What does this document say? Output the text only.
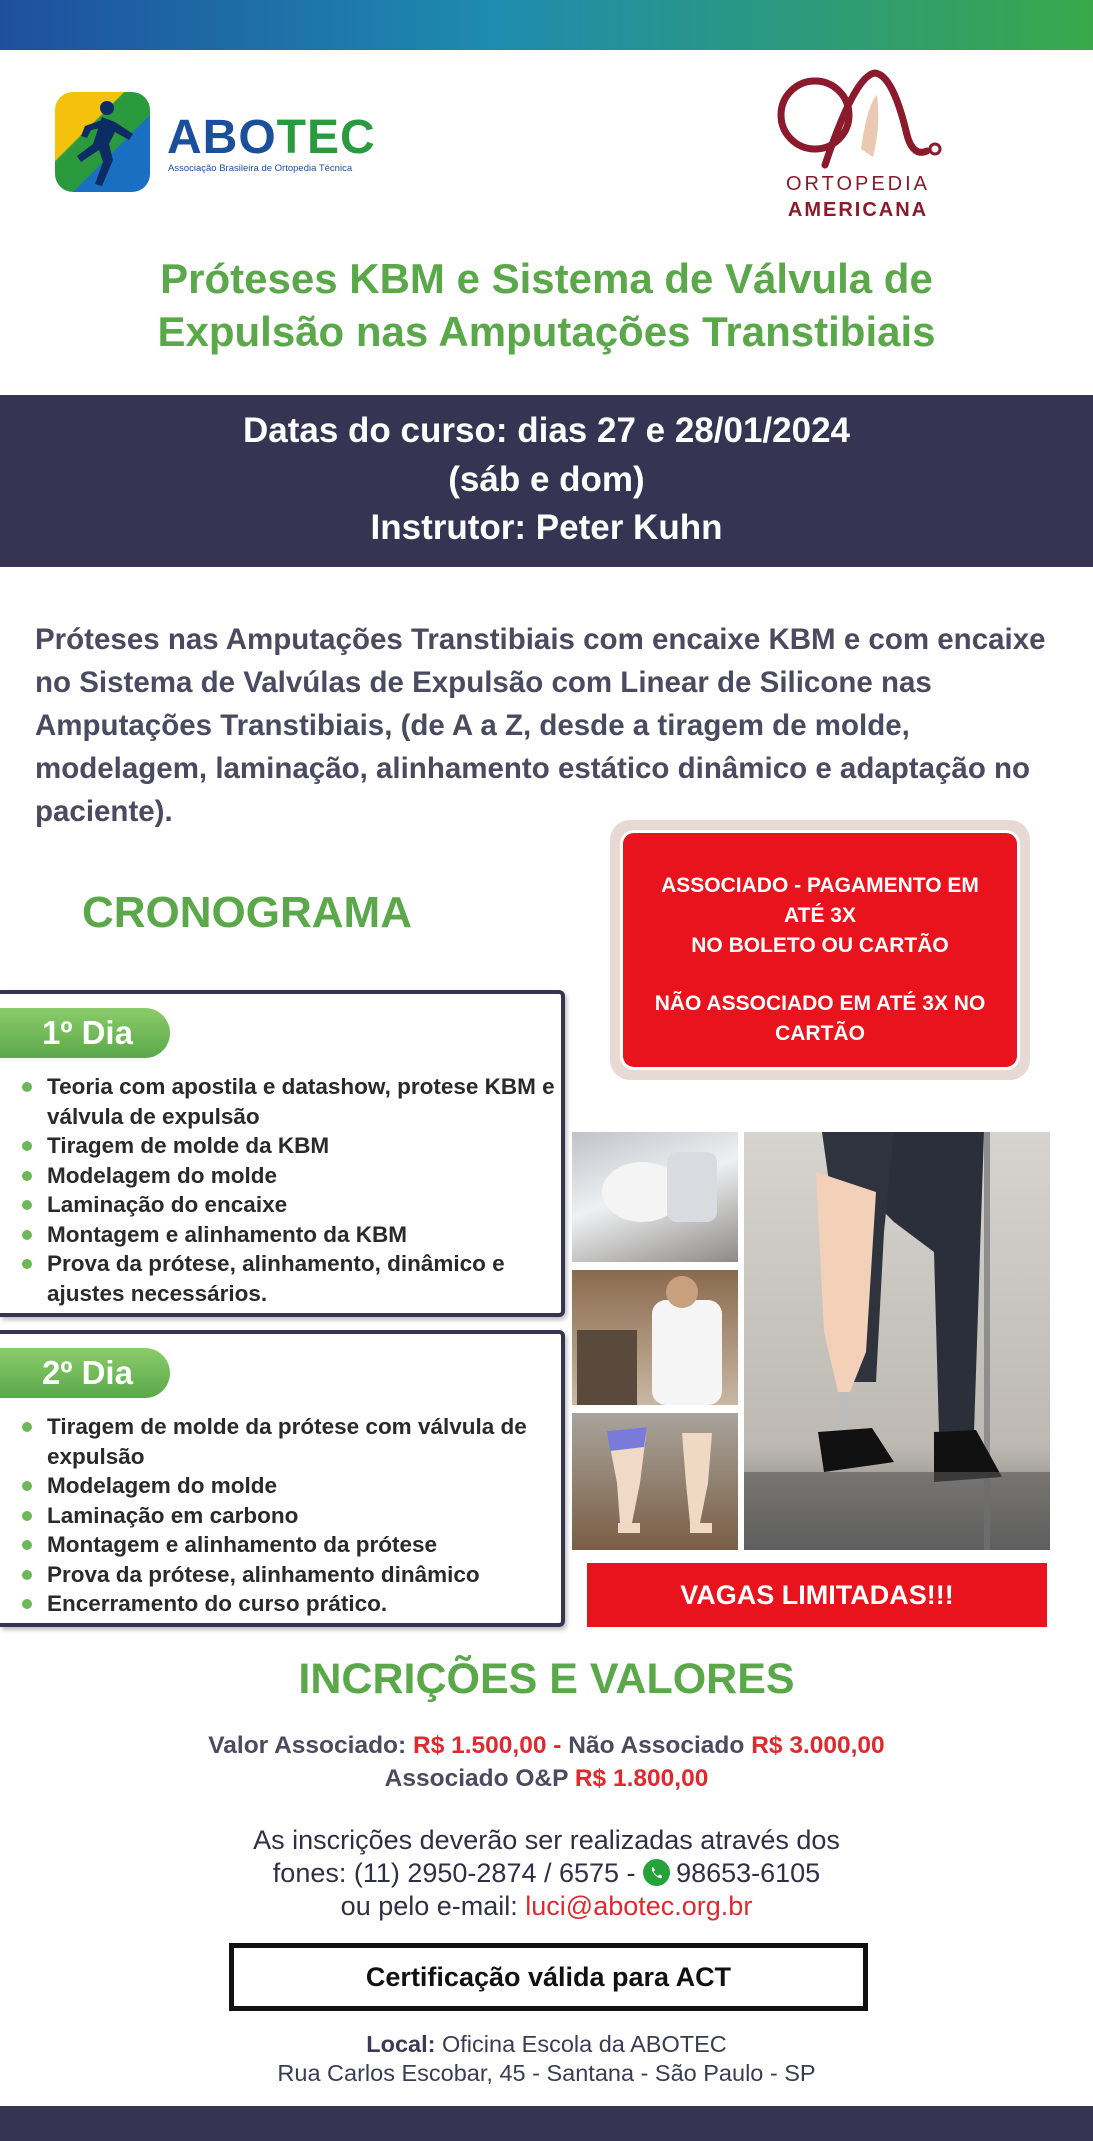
ABOTEC
Associação Brasileira de Ortopedia Técnica
ORTOPEDIA
AMERICANA
Próteses KBM e Sistema de Válvula de
Expulsão nas Amputações Transtibiais
Datas do curso: dias 27 e 28/01/2024
(sáb e dom)
Instrutor: Peter Kuhn
Próteses nas Amputações Transtibiais com encaixe KBM e com encaixe no Sistema de Valvúlas de Expulsão com Linear de Silicone nas Amputações Transtibiais, (de A a Z, desde a tiragem de molde, modelagem, laminação, alinhamento estático dinâmico e adaptação no paciente).
CRONOGRAMA
ASSOCIADO - PAGAMENTO EM
ATÉ 3X
NO BOLETO OU CARTÃO
NÃO ASSOCIADO EM ATÉ 3X NO
CARTÃO
1º Dia
Teoria com apostila e datashow, protese KBM e válvula de expulsão
Tiragem de molde da KBM
Modelagem do molde
Laminação do encaixe
Montagem e alinhamento da KBM
Prova da prótese, alinhamento, dinâmico e ajustes necessários.
2º Dia
Tiragem de molde da prótese com válvula de expulsão
Modelagem do molde
Laminação em carbono
Montagem e alinhamento da prótese
Prova da prótese, alinhamento dinâmico
Encerramento do curso prático.	VAGAS LIMITADAS!!!
INCRIÇÕES E VALORES
Valor Associado: R$ 1.500,00 - Não Associado R$ 3.000,00
Associado O&P R$ 1.800,00
As inscrições deverão ser realizadas através dos
fones: (11) 2950-2874 / 6575 - 98653-6105
ou pelo e-mail: luci@abotec.org.br
Certificação válida para ACT
Local: Oficina Escola da ABOTEC
Rua Carlos Escobar, 45 - Santana - São Paulo - SP
